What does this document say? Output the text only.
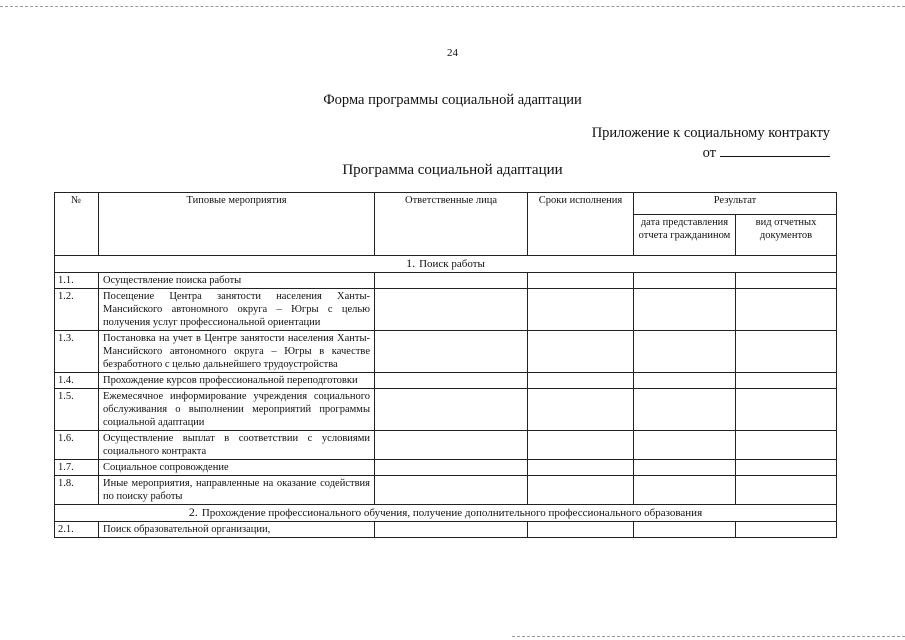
24
Форма программы социальной адаптации
Приложение к социальному контракту
от
Программа социальной адаптации
№	Типовые мероприятия	Ответственные лица	Сроки исполнения	Результат	
				дата представления отчета гражданином	вид отчетных документов
1. Поиск работы					
1.1.	Осуществление поиска работы				
1.2.	Посещение Центра занятости населения Ханты-Мансийского автономного округа – Югры с целью получения услуг профессиональной ориентации				
1.3.	Постановка на учет в Центре занятости населения Ханты-Мансийского автономного округа – Югры в качестве безработного с целью дальнейшего трудоустройства				
1.4.	Прохождение курсов профессиональной переподготовки				
1.5.	Ежемесячное информирование учреждения социального обслуживания о выполнении мероприятий программы социальной адаптации				
1.6.	Осуществление выплат в соответствии с условиями социального контракта				
1.7.	Социальное сопровождение				
1.8.	Иные мероприятия, направленные на оказание содействия по поиску работы				
2. Прохождение профессионального обучения, получение дополнительного профессионального образования					
2.1.	Поиск образовательной организации,				
